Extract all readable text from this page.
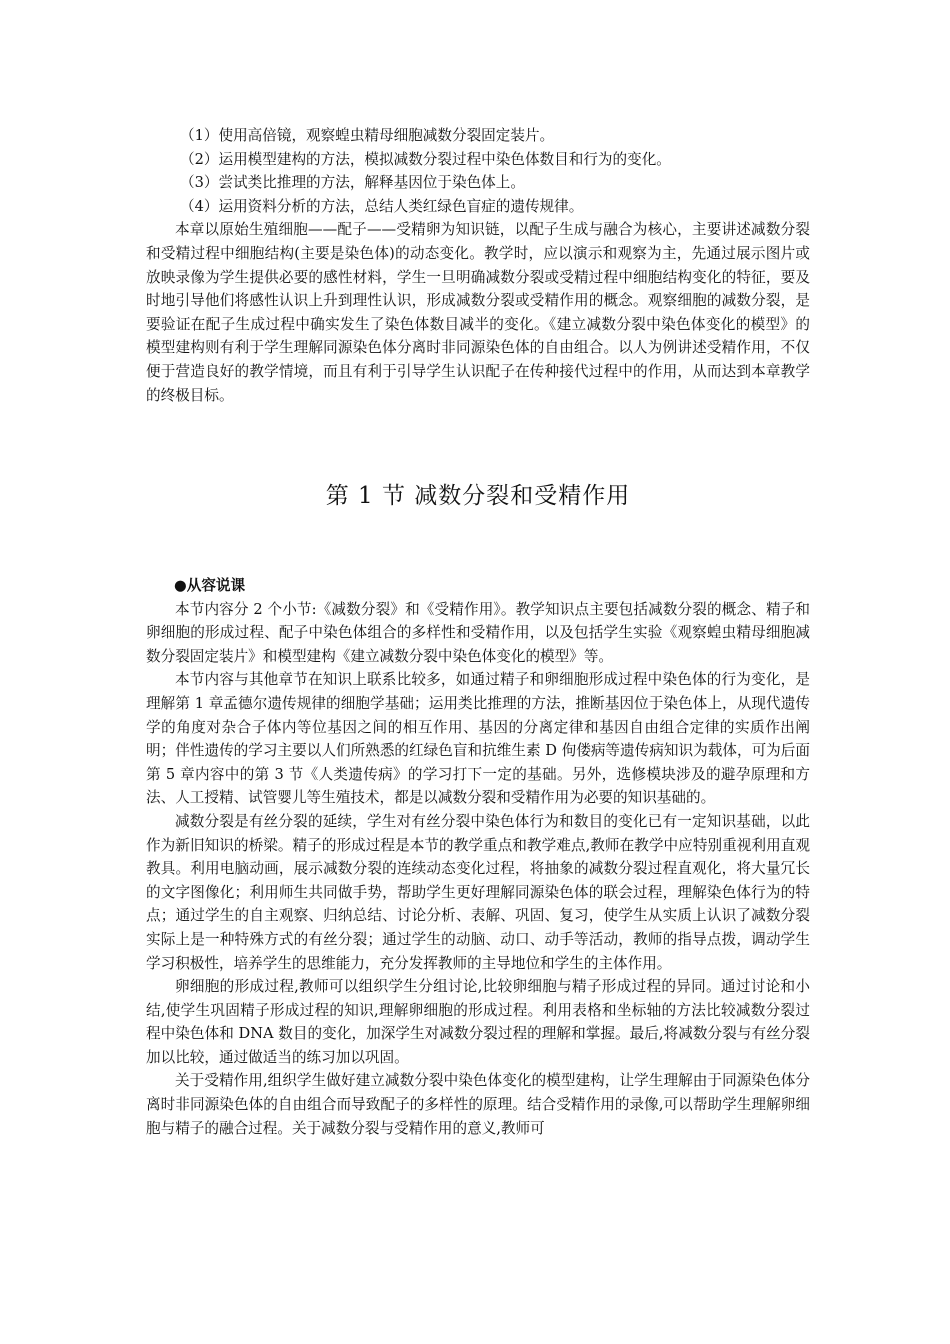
（1）使用高倍镜，观察蝗虫精母细胞减数分裂固定装片。

（2）运用模型建构的方法，模拟减数分裂过程中染色体数目和行为的变化。

（3）尝试类比推理的方法，解释基因位于染色体上。

（4）运用资料分析的方法，总结人类红绿色盲症的遗传规律。

本章以原始生殖细胞——配子——受精卵为知识链，以配子生成与融合为核心，主要讲述减数分裂和受精过程中细胞结构(主要是染色体)的动态变化。教学时，应以演示和观察为主，先通过展示图片或放映录像为学生提供必要的感性材料，学生一旦明确减数分裂或受精过程中细胞结构变化的特征，要及时地引导他们将感性认识上升到理性认识，形成减数分裂或受精作用的概念。观察细胞的减数分裂，是要验证在配子生成过程中确实发生了染色体数目减半的变化。《建立减数分裂中染色体变化的模型》的模型建构则有利于学生理解同源染色体分离时非同源染色体的自由组合。以人为例讲述受精作用，不仅便于营造良好的教学情境，而且有利于引导学生认识配子在传种接代过程中的作用，从而达到本章教学的终极目标。

第 1 节 减数分裂和受精作用

●从容说课

本节内容分 2 个小节:《减数分裂》和《受精作用》。教学知识点主要包括减数分裂的概念、精子和卵细胞的形成过程、配子中染色体组合的多样性和受精作用，以及包括学生实验《观察蝗虫精母细胞减数分裂固定装片》和模型建构《建立减数分裂中染色体变化的模型》等。

本节内容与其他章节在知识上联系比较多，如通过精子和卵细胞形成过程中染色体的行为变化，是理解第 1 章孟德尔遗传规律的细胞学基础；运用类比推理的方法，推断基因位于染色体上，从现代遗传学的角度对杂合子体内等位基因之间的相互作用、基因的分离定律和基因自由组合定律的实质作出阐明；伴性遗传的学习主要以人们所熟悉的红绿色盲和抗维生素 D 佝偻病等遗传病知识为载体，可为后面第 5 章内容中的第 3 节《人类遗传病》的学习打下一定的基础。另外，选修模块涉及的避孕原理和方法、人工授精、试管婴儿等生殖技术，都是以减数分裂和受精作用为必要的知识基础的。

减数分裂是有丝分裂的延续，学生对有丝分裂中染色体行为和数目的变化已有一定知识基础，以此作为新旧知识的桥梁。精子的形成过程是本节的教学重点和教学难点,教师在教学中应特别重视利用直观教具。利用电脑动画，展示减数分裂的连续动态变化过程，将抽象的减数分裂过程直观化，将大量冗长的文字图像化；利用师生共同做手势，帮助学生更好理解同源染色体的联会过程，理解染色体行为的特点；通过学生的自主观察、归纳总结、讨论分析、表解、巩固、复习，使学生从实质上认识了减数分裂实际上是一种特殊方式的有丝分裂；通过学生的动脑、动口、动手等活动，教师的指导点拨，调动学生学习积极性，培养学生的思维能力，充分发挥教师的主导地位和学生的主体作用。

卵细胞的形成过程,教师可以组织学生分组讨论,比较卵细胞与精子形成过程的异同。通过讨论和小结,使学生巩固精子形成过程的知识,理解卵细胞的形成过程。利用表格和坐标轴的方法比较减数分裂过程中染色体和 DNA 数目的变化，加深学生对减数分裂过程的理解和掌握。最后,将减数分裂与有丝分裂加以比较，通过做适当的练习加以巩固。

关于受精作用,组织学生做好建立减数分裂中染色体变化的模型建构，让学生理解由于同源染色体分离时非同源染色体的自由组合而导致配子的多样性的原理。结合受精作用的录像,可以帮助学生理解卵细胞与精子的融合过程。关于减数分裂与受精作用的意义,教师可
